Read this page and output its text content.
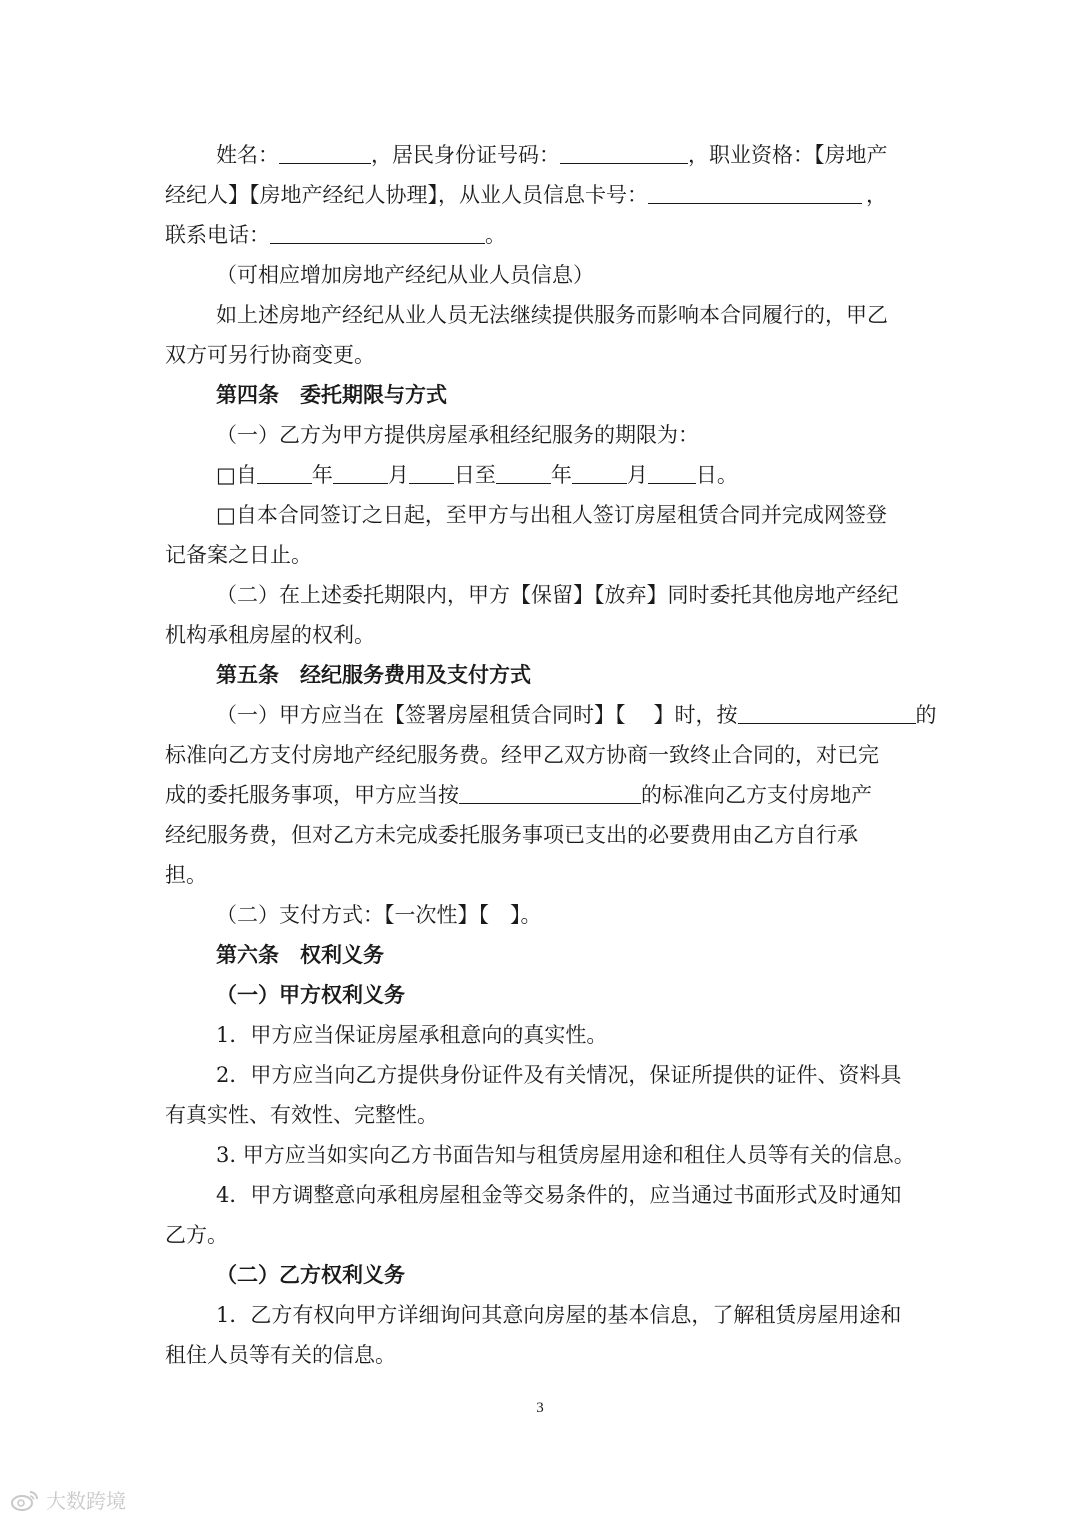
姓名：	，居民身份证号码：	，职业资格：【房地产
经纪人】【房地产经纪人协理】，从业人员信息卡号：	，
联系电话：	。
（可相应增加房地产经纪从业人员信息）
如上述房地产经纪从业人员无法继续提供服务而影响本合同履行的，甲乙
双方可另行协商变更。
第四条　委托期限与方式
（一）乙方为甲方提供房屋承租经纪服务的期限为：
□自	年	月 日至	年	月 日。
□自本合同签订之日起，至甲方与出租人签订房屋租赁合同并完成网签登
记备案之日止。
（二）在上述委托期限内，甲方【保留】【放弃】同时委托其他房地产经纪
机构承租房屋的权利。
第五条　经纪服务费用及支付方式
（一）甲方应当在【签署房屋租赁合同时】【 】时，按	的
标准向乙方支付房地产经纪服务费。经甲乙双方协商一致终止合同的，对已完
成的委托服务事项，甲方应当按	的标准向乙方支付房地产
经纪服务费，但对乙方未完成委托服务事项已支出的必要费用由乙方自行承
担。
（二）支付方式：【一次性】【　】。
第六条　权利义务
（一）甲方权利义务
1．甲方应当保证房屋承租意向的真实性。
2．甲方应当向乙方提供身份证件及有关情况，保证所提供的证件、资料具
有真实性、有效性、完整性。
3. 甲方应当如实向乙方书面告知与租赁房屋用途和租住人员等有关的信息。
4．甲方调整意向承租房屋租金等交易条件的，应当通过书面形式及时通知
乙方。
（二）乙方权利义务
1．乙方有权向甲方详细询问其意向房屋的基本信息，了解租赁房屋用途和
租住人员等有关的信息。
3
大数跨境
